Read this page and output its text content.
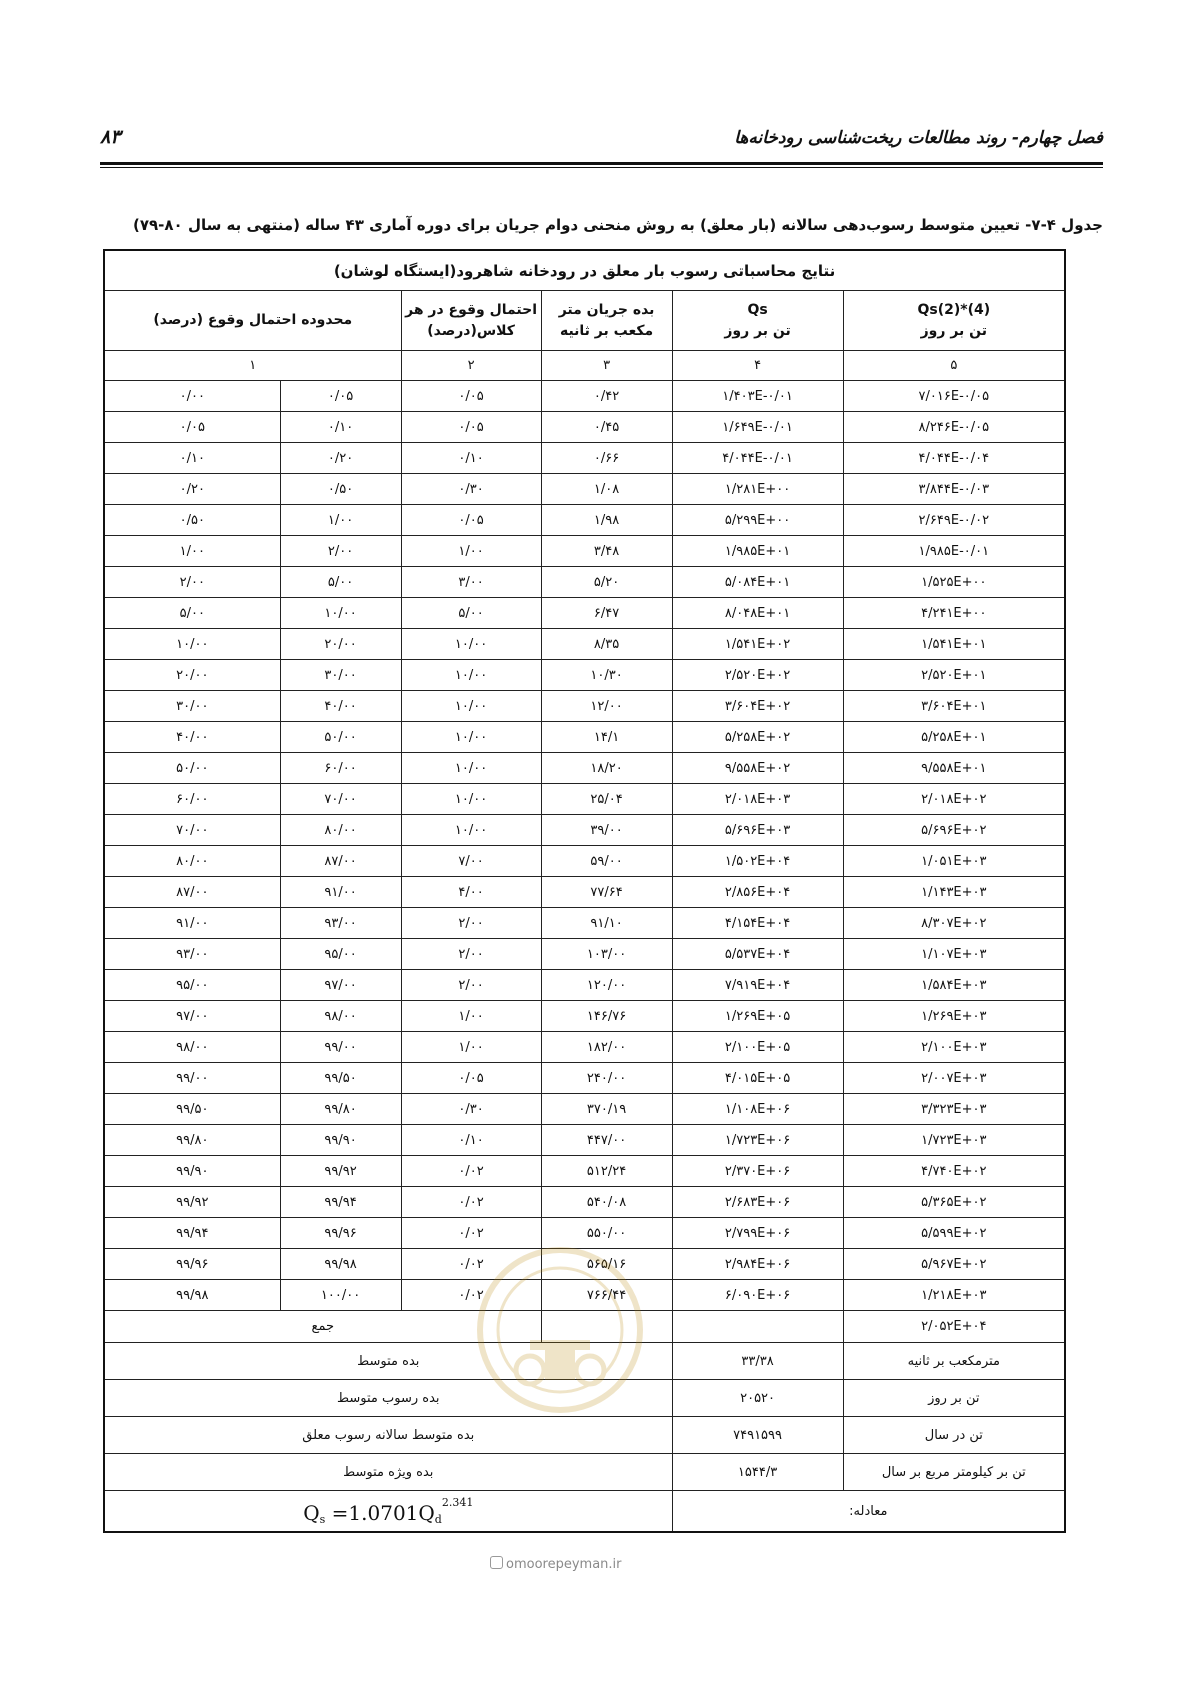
فصل چهارم- روند مطالعات ریخت‌شناسی رودخانه‌ها
۸۳
جدول ۴-۷- تعیین متوسط رسوب‌دهی سالانه (بار معلق) به روش منحنی دوام جریان برای دوره آماری ۴۳ ساله (منتهی به سال ۸۰-۷۹)
نتایج محاسباتی رسوب بار معلق در رودخانه شاهرود(ایستگاه لوشان)					

Qs(2)*(4)
تن بر روز	Qs
تن بر روز	بده جریان متر
مکعب بر ثانیه	احتمال وقوع در هر
کلاس(درصد)	محدوده احتمال وقوع (درصد)	
۵	۴	۳	۲	۱	
۷/۰۱۶E-۰/۰۵	۱/۴۰۳E-۰/۰۱	۰/۴۲	۰/۰۵	۰/۰۵	۰/۰۰
۸/۲۴۶E-۰/۰۵	۱/۶۴۹E-۰/۰۱	۰/۴۵	۰/۰۵	۰/۱۰	۰/۰۵
۴/۰۴۴E-۰/۰۴	۴/۰۴۴E-۰/۰۱	۰/۶۶	۰/۱۰	۰/۲۰	۰/۱۰
۳/۸۴۴E-۰/۰۳	۱/۲۸۱E+۰۰	۱/۰۸	۰/۳۰	۰/۵۰	۰/۲۰
۲/۶۴۹E-۰/۰۲	۵/۲۹۹E+۰۰	۱/۹۸	۰/۰۵	۱/۰۰	۰/۵۰
۱/۹۸۵E-۰/۰۱	۱/۹۸۵E+۰۱	۳/۴۸	۱/۰۰	۲/۰۰	۱/۰۰
۱/۵۲۵E+۰۰	۵/۰۸۴E+۰۱	۵/۲۰	۳/۰۰	۵/۰۰	۲/۰۰
۴/۲۴۱E+۰۰	۸/۰۴۸E+۰۱	۶/۴۷	۵/۰۰	۱۰/۰۰	۵/۰۰
۱/۵۴۱E+۰۱	۱/۵۴۱E+۰۲	۸/۳۵	۱۰/۰۰	۲۰/۰۰	۱۰/۰۰
۲/۵۲۰E+۰۱	۲/۵۲۰E+۰۲	۱۰/۳۰	۱۰/۰۰	۳۰/۰۰	۲۰/۰۰
۳/۶۰۴E+۰۱	۳/۶۰۴E+۰۲	۱۲/۰۰	۱۰/۰۰	۴۰/۰۰	۳۰/۰۰
۵/۲۵۸E+۰۱	۵/۲۵۸E+۰۲	۱۴/۱	۱۰/۰۰	۵۰/۰۰	۴۰/۰۰
۹/۵۵۸E+۰۱	۹/۵۵۸E+۰۲	۱۸/۲۰	۱۰/۰۰	۶۰/۰۰	۵۰/۰۰
۲/۰۱۸E+۰۲	۲/۰۱۸E+۰۳	۲۵/۰۴	۱۰/۰۰	۷۰/۰۰	۶۰/۰۰
۵/۶۹۶E+۰۲	۵/۶۹۶E+۰۳	۳۹/۰۰	۱۰/۰۰	۸۰/۰۰	۷۰/۰۰
۱/۰۵۱E+۰۳	۱/۵۰۲E+۰۴	۵۹/۰۰	۷/۰۰	۸۷/۰۰	۸۰/۰۰
۱/۱۴۳E+۰۳	۲/۸۵۶E+۰۴	۷۷/۶۴	۴/۰۰	۹۱/۰۰	۸۷/۰۰
۸/۳۰۷E+۰۲	۴/۱۵۴E+۰۴	۹۱/۱۰	۲/۰۰	۹۳/۰۰	۹۱/۰۰
۱/۱۰۷E+۰۳	۵/۵۳۷E+۰۴	۱۰۳/۰۰	۲/۰۰	۹۵/۰۰	۹۳/۰۰
۱/۵۸۴E+۰۳	۷/۹۱۹E+۰۴	۱۲۰/۰۰	۲/۰۰	۹۷/۰۰	۹۵/۰۰
۱/۲۶۹E+۰۳	۱/۲۶۹E+۰۵	۱۴۶/۷۶	۱/۰۰	۹۸/۰۰	۹۷/۰۰
۲/۱۰۰E+۰۳	۲/۱۰۰E+۰۵	۱۸۲/۰۰	۱/۰۰	۹۹/۰۰	۹۸/۰۰
۲/۰۰۷E+۰۳	۴/۰۱۵E+۰۵	۲۴۰/۰۰	۰/۰۵	۹۹/۵۰	۹۹/۰۰
۳/۳۲۳E+۰۳	۱/۱۰۸E+۰۶	۳۷۰/۱۹	۰/۳۰	۹۹/۸۰	۹۹/۵۰
۱/۷۲۳E+۰۳	۱/۷۲۳E+۰۶	۴۴۷/۰۰	۰/۱۰	۹۹/۹۰	۹۹/۸۰
۴/۷۴۰E+۰۲	۲/۳۷۰E+۰۶	۵۱۲/۲۴	۰/۰۲	۹۹/۹۲	۹۹/۹۰
۵/۳۶۵E+۰۲	۲/۶۸۳E+۰۶	۵۴۰/۰۸	۰/۰۲	۹۹/۹۴	۹۹/۹۲
۵/۵۹۹E+۰۲	۲/۷۹۹E+۰۶	۵۵۰/۰۰	۰/۰۲	۹۹/۹۶	۹۹/۹۴
۵/۹۶۷E+۰۲	۲/۹۸۴E+۰۶	۵۶۵/۱۶	۰/۰۲	۹۹/۹۸	۹۹/۹۶
۱/۲۱۸E+۰۳	۶/۰۹۰E+۰۶	۷۶۶/۴۴	۰/۰۲	۱۰۰/۰۰	۹۹/۹۸
۲/۰۵۲E+۰۴			جمع		
مترمکعب بر ثانیه	۳۳/۳۸	بده متوسط			
تن بر روز	۲۰۵۲۰	بده رسوب متوسط			
تن در سال	۷۴۹۱۵۹۹	بده متوسط سالانه رسوب معلق			
تن بر کیلومتر مربع بر سال	۱۵۴۴/۳	بده ویژه متوسط			
معادله:		$Q_s =1.0701Q_d^{2.341}$
omoorepeyman.ir
